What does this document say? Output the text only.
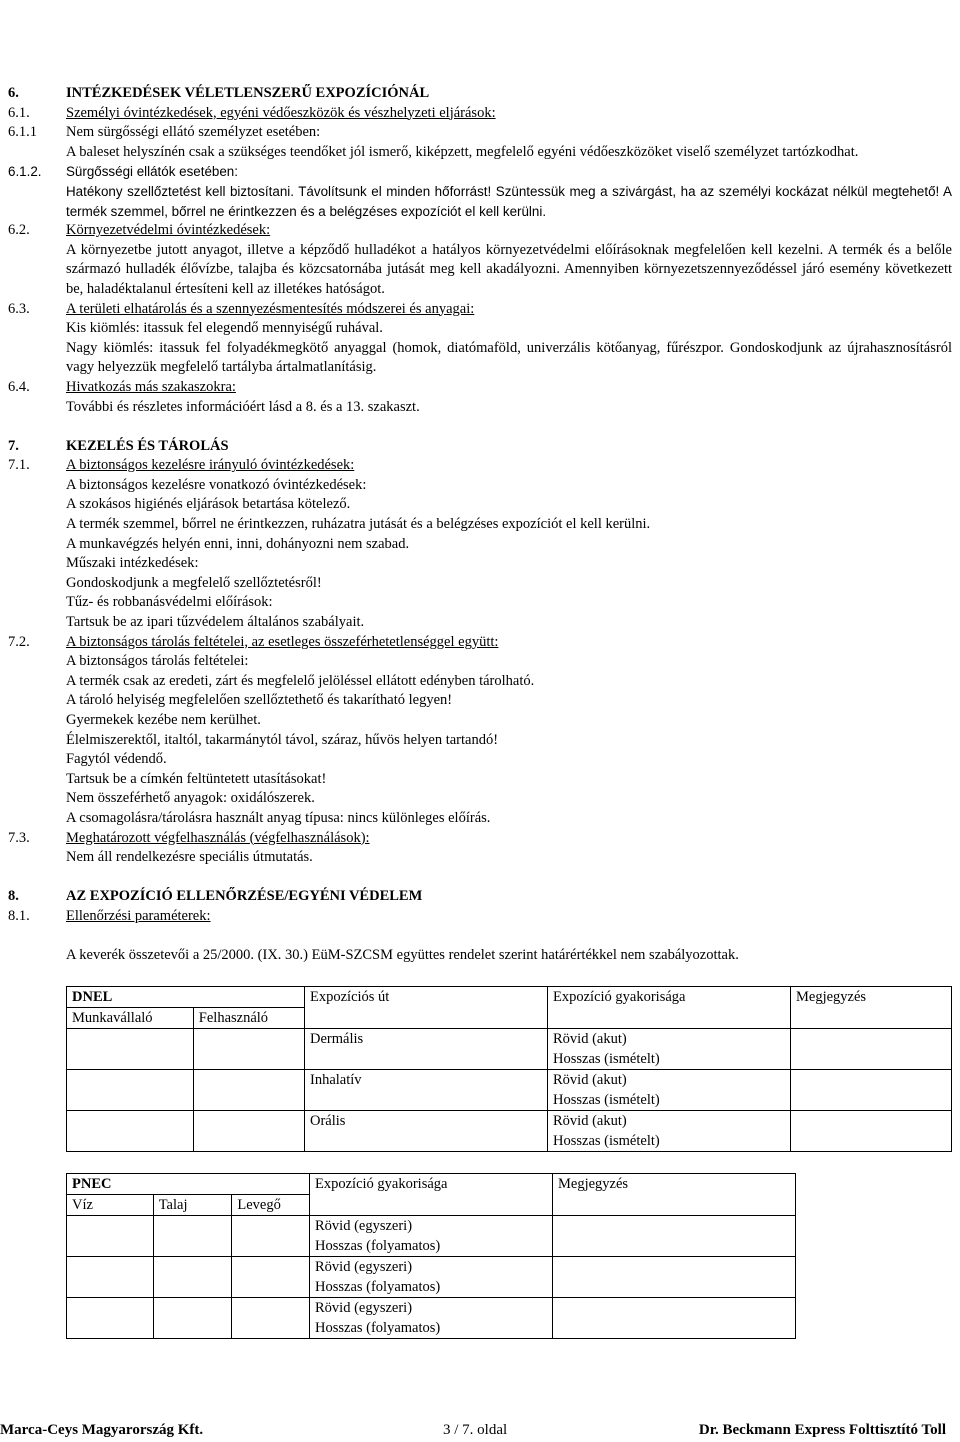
Elkészítés időpontja: 2006. szeptember 21.
Felülvizsgálat időpontja: 2012. december 3.
Verziószám: 2
http://www.biztonsagiadatlap.hu
6.	INTÉZKEDÉSEK VÉLETLENSZERŰ EXPOZÍCIÓNÁL
6.1.	Személyi óvintézkedések, egyéni védőeszközök és vészhelyzeti eljárások:
6.1.1	Nem sürgősségi ellátó személyzet esetében:
A baleset helyszínén csak a szükséges teendőket jól ismerő, kiképzett, megfelelő egyéni védőeszközöket viselő személyzet tartózkodhat.
6.1.2.	Sürgősségi ellátók esetében:
Hatékony szellőztetést kell biztosítani. Távolítsunk el minden hőforrást! Szüntessük meg a szivárgást, ha az személyi kockázat nélkül megtehető! A termék szemmel, bőrrel ne érintkezzen és a belégzéses expozíciót el kell kerülni.
6.2.	Környezetvédelmi óvintézkedések:
A környezetbe jutott anyagot, illetve a képződő hulladékot a hatályos környezetvédelmi előírásoknak megfelelően kell kezelni. A termék és a belőle származó hulladék élővízbe, talajba és közcsatornába jutását meg kell akadályozni. Amennyiben környezetszennyeződéssel járó esemény következett be, haladéktalanul értesíteni kell az illetékes hatóságot.
6.3.	A területi elhatárolás és a szennyezésmentesítés módszerei és anyagai:
Kis kiömlés: itassuk fel elegendő mennyiségű ruhával.
Nagy kiömlés: itassuk fel folyadékmegkötő anyaggal (homok, diatómaföld, univerzális kötőanyag, fűrészpor. Gondoskodjunk az újrahasznosításról vagy helyezzük megfelelő tartályba ártalmatlanításig.
6.4.	Hivatkozás más szakaszokra:
További és részletes információért lásd a 8. és a 13. szakaszt.
7.	KEZELÉS ÉS TÁROLÁS
7.1.	A biztonságos kezelésre irányuló óvintézkedések:
A biztonságos kezelésre vonatkozó óvintézkedések:
A szokásos higiénés eljárások betartása kötelező.
A termék szemmel, bőrrel ne érintkezzen, ruházatra jutását és a belégzéses expozíciót el kell kerülni.
A munkavégzés helyén enni, inni, dohányozni nem szabad.
Műszaki intézkedések:
Gondoskodjunk a megfelelő szellőztetésről!
Tűz- és robbanásvédelmi előírások:
Tartsuk be az ipari tűzvédelem általános szabályait.
7.2.	A biztonságos tárolás feltételei, az esetleges összeférhetetlenséggel együtt:
A biztonságos tárolás feltételei:
A termék csak az eredeti, zárt és megfelelő jelöléssel ellátott edényben tárolható.
A tároló helyiség megfelelően szellőztethető és takarítható legyen!
Gyermekek kezébe nem kerülhet.
Élelmiszerektől, italtól, takarmánytól távol, száraz, hűvös helyen tartandó!
Fagytól védendő.
Tartsuk be a címkén feltüntetett utasításokat!
Nem összeférhető anyagok: oxidálószerek.
A csomagolásra/tárolásra használt anyag típusa: nincs különleges előírás.
7.3.	Meghatározott végfelhasználás (végfelhasználások):
Nem áll rendelkezésre speciális útmutatás.
8.	AZ EXPOZÍCIÓ ELLENŐRZÉSE/EGYÉNI VÉDELEM
8.1.	Ellenőrzési paraméterek:
A keverék összetevői a 25/2000. (IX. 30.) EüM-SZCSM együttes rendelet szerint határértékkel nem szabályozottak.
DNEL		Expozíciós út	Expozíció gyakorisága	Megjegyzés
Munkavállaló	Felhasználó			
		Dermális	Rövid (akut)
Hosszas (ismételt)	

		Inhalatív	Rövid (akut)
Hosszas (ismételt)	

		Orális	Rövid (akut)
Hosszas (ismételt)	

PNEC			Expozíció gyakorisága	Megjegyzés
Víz	Talaj	Levegő		

			Rövid (egyszeri)
Hosszas (folyamatos)	

			Rövid (egyszeri)
Hosszas (folyamatos)	

			Rövid (egyszeri)
Hosszas (folyamatos)	

Marca-Ceys Magyarország Kft.	3 / 7. oldal	Dr. Beckmann Express Folttisztító Toll
